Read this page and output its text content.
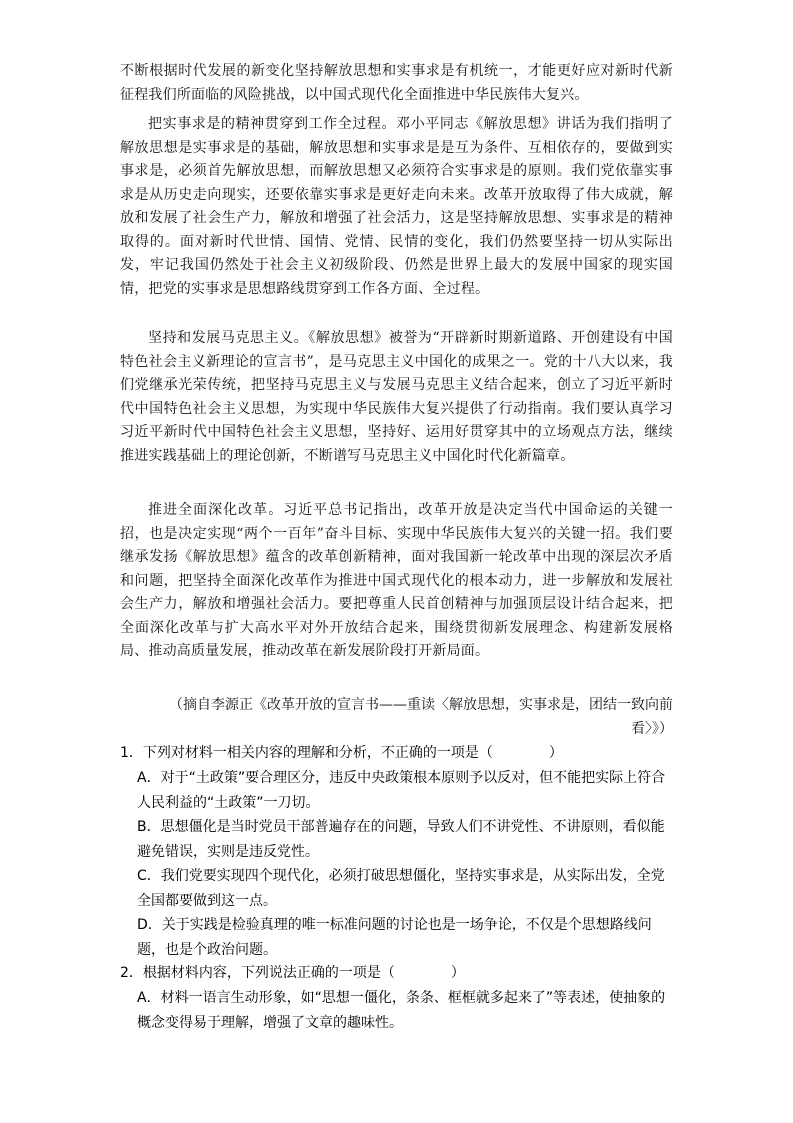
不断根据时代发展的新变化坚持解放思想和实事求是有机统一，才能更好应对新时代新征程我们所面临的风险挑战，以中国式现代化全面推进中华民族伟大复兴。

把实事求是的精神贯穿到工作全过程。邓小平同志《解放思想》讲话为我们指明了解放思想是实事求是的基础，解放思想和实事求是是互为条件、互相依存的，要做到实事求是，必须首先解放思想，而解放思想又必须符合实事求是的原则。我们党依靠实事求是从历史走向现实，还要依靠实事求是更好走向未来。改革开放取得了伟大成就，解放和发展了社会生产力，解放和增强了社会活力，这是坚持解放思想、实事求是的精神取得的。面对新时代世情、国情、党情、民情的变化，我们仍然要坚持一切从实际出发，牢记我国仍然处于社会主义初级阶段、仍然是世界上最大的发展中国家的现实国情，把党的实事求是思想路线贯穿到工作各方面、全过程。

坚持和发展马克思主义。《解放思想》被誉为“开辟新时期新道路、开创建设有中国特色社会主义新理论的宣言书”，是马克思主义中国化的成果之一。党的十八大以来，我们党继承光荣传统，把坚持马克思主义与发展马克思主义结合起来，创立了习近平新时代中国特色社会主义思想，为实现中华民族伟大复兴提供了行动指南。我们要认真学习习近平新时代中国特色社会主义思想，坚持好、运用好贯穿其中的立场观点方法，继续推进实践基础上的理论创新，不断谱写马克思主义中国化时代化新篇章。

推进全面深化改革。习近平总书记指出，改革开放是决定当代中国命运的关键一招，也是决定实现“两个一百年”奋斗目标、实现中华民族伟大复兴的关键一招。我们要继承发扬《解放思想》蕴含的改革创新精神，面对我国新一轮改革中出现的深层次矛盾和问题，把坚持全面深化改革作为推进中国式现代化的根本动力，进一步解放和发展社会生产力，解放和增强社会活力。要把尊重人民首创精神与加强顶层设计结合起来，把全面深化改革与扩大高水平对外开放结合起来，围绕贯彻新发展理念、构建新发展格局、推动高质量发展，推动改革在新发展阶段打开新局面。

（摘自李源正《改革开放的宣言书——重读〈解放思想，实事求是，团结一致向前看〉》）

1．下列对材料一相关内容的理解和分析，不正确的一项是（　　　　）

A．对于“土政策”要合理区分，违反中央政策根本原则予以反对，但不能把实际上符合人民利益的“土政策”一刀切。

B．思想僵化是当时党员干部普遍存在的问题，导致人们不讲党性、不讲原则，看似能避免错误，实则是违反党性。

C．我们党要实现四个现代化，必须打破思想僵化，坚持实事求是，从实际出发，全党全国都要做到这一点。

D．关于实践是检验真理的唯一标准问题的讨论也是一场争论，不仅是个思想路线问题，也是个政治问题。

2．根据材料内容，下列说法正确的一项是（　　　　）

A．材料一语言生动形象，如“思想一僵化，条条、框框就多起来了”等表述，使抽象的概念变得易于理解，增强了文章的趣味性。
